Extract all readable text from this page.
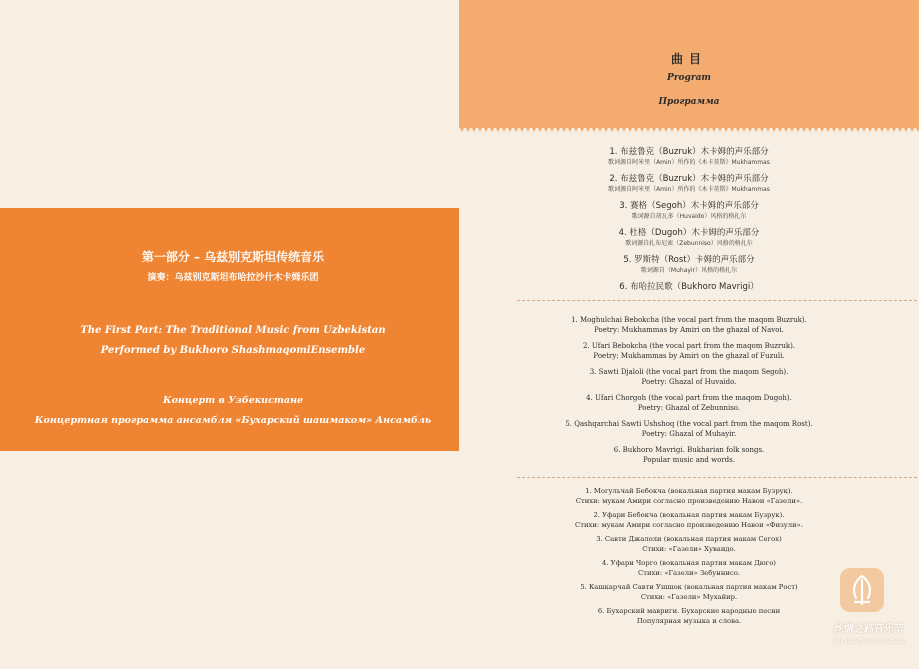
第一部分 – 乌兹别克斯坦传统音乐
演奏：乌兹别克斯坦布哈拉沙什木卡姆乐团
The First Part: The Traditional Music from Uzbekistan
Performed by Bukhoro ShashmaqomiEnsemble
Концерт в Узбекистане
Концертная программа ансамбля «Бухарский шашмаком» Ансамбль
曲目
Program
Программа
1. 布兹鲁克（Buzruk）木卡姆的声乐部分
歌词源自阿米里（Amin）所作的《木卡莫斯》Mukhammas
2. 布兹鲁克（Buzruk）木卡姆的声乐部分
歌词源自阿米里（Amin）所作的《木卡莫斯》Mukhammas
3. 赛格（Segoh）木卡姆的声乐部分
歌词源自胡瓦多（Huvaido）风格的格扎尔
4. 杜格（Dugoh）木卡姆的声乐部分
歌词源自扎布尼索（Zebunniso）风格的格扎尔
5. 罗斯特（Rost）卡姆的声乐部分
歌词源自（Muhayir）风格的格扎尔
6. 布哈拉民歌（Bukhoro Mavrigi）
1. Moghulchai Bebokcha (the vocal part from the maqom Buzruk).
Poetry: Mukhammas by Amiri on the ghazal of Navoi.
2. Ufari Bebokcha (the vocal part from the maqom Buzruk).
Poetry: Mukhammas by Amiri on the ghazal of Fuzuli.
3. Sawti Djaloli (the vocal part from the maqom Segoh).
Poetry: Ghazal of Huvaido.
4. Ufari Chorgoh (the vocal part from the maqom Dugoh).
Poetry: Ghazal of Zebunniso.
5. Qashqarchai Sawti Ushshoq (the vocal part from the maqom Rost).
Poetry: Ghazal of Muhayir.
6. Bukhoro Mavrigi. Bukharian folk songs.
Popular music and words.
1. Могульчай Бебокча (вокальная партия макам Бузрук).
Стихи: мукам Амири согласно произведению Навои «Газели».
2. Уфари Бебокча (вокальная партия макам Бузрук).
Стихи: мукам Амири согласно произведению Навои «Физули».
3. Савти Джалоли (вокальная партия макам Сегох)
Стихи: «Газели» Хуваидо.
4. Уфари Чорго (вокальная партия макам Дюго)
Стихи: «Газели» Зебуннисо.
5. Кашкарчай Савти Ушшок (вокальная партия макам Рост)
Стихи: «Газели» Мухайир.
6. Бухарский мавриги. Бухарские народные песни
Популярная музыка и слова.
丝绸之路音乐节
Silk Road Music Festival
